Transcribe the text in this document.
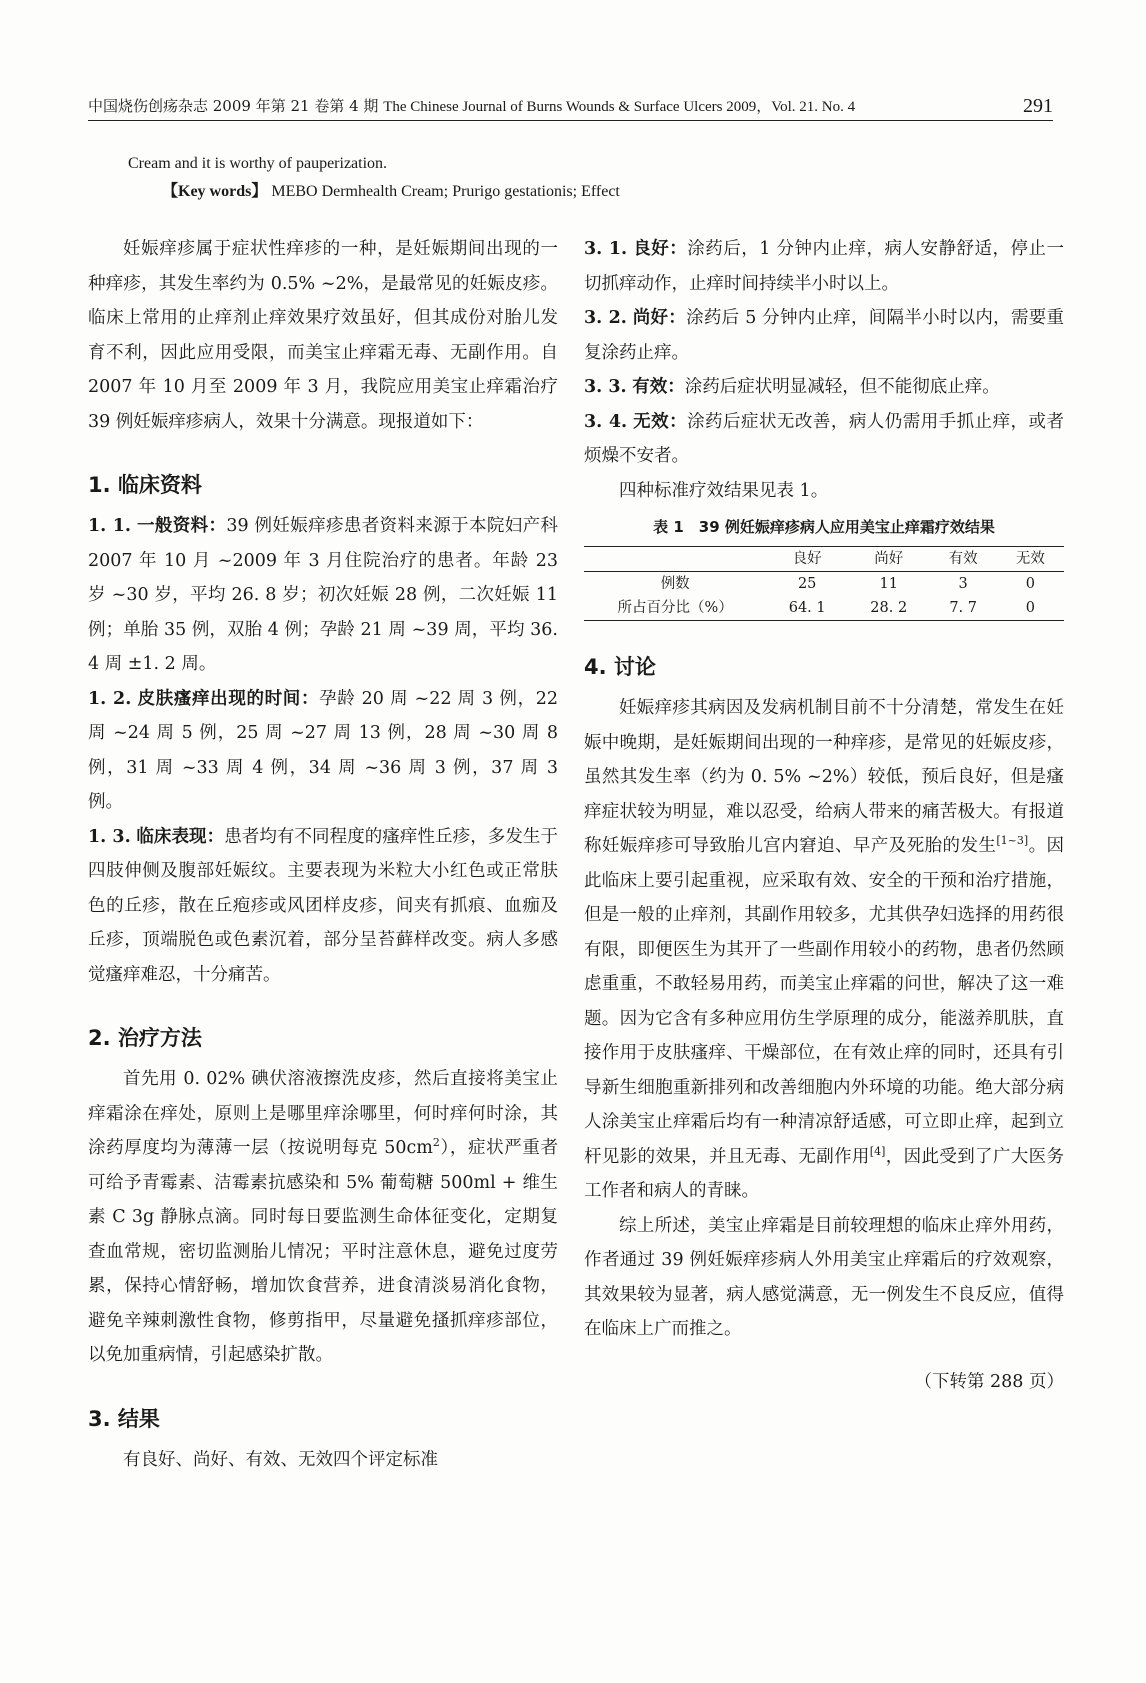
中国烧伤创疡杂志 2009 年第 21 卷第 4 期 The Chinese Journal of Burns Wounds & Surface Ulcers 2009，Vol. 21. No. 4	291
Cream and it is worthy of pauperization.
【Key words】 MEBO Dermhealth Cream; Prurigo gestationis; Effect

妊娠痒疹属于症状性痒疹的一种，是妊娠期间出现的一种痒疹，其发生率约为 0.5% ~2%，是最常见的妊娠皮疹。临床上常用的止痒剂止痒效果疗效虽好，但其成份对胎儿发育不利，因此应用受限，而美宝止痒霜无毒、无副作用。自 2007 年 10 月至 2009 年 3 月，我院应用美宝止痒霜治疗 39 例妊娠痒疹病人，效果十分满意。现报道如下：

1. 临床资料

1. 1. 一般资料：39 例妊娠痒疹患者资料来源于本院妇产科 2007 年 10 月 ~2009 年 3 月住院治疗的患者。年龄 23 岁 ~30 岁，平均 26. 8 岁；初次妊娠 28 例，二次妊娠 11 例；单胎 35 例，双胎 4 例；孕龄 21 周 ~39 周，平均 36. 4 周 ±1. 2 周。

1. 2. 皮肤瘙痒出现的时间：孕龄 20 周 ~22 周 3 例，22 周 ~24 周 5 例，25 周 ~27 周 13 例，28 周 ~30 周 8 例，31 周 ~33 周 4 例，34 周 ~36 周 3 例，37 周 3 例。

1. 3. 临床表现：患者均有不同程度的瘙痒性丘疹，多发生于四肢伸侧及腹部妊娠纹。主要表现为米粒大小红色或正常肤色的丘疹，散在丘疱疹或风团样皮疹，间夹有抓痕、血痂及丘疹，顶端脱色或色素沉着，部分呈苔藓样改变。病人多感觉瘙痒难忍，十分痛苦。

2. 治疗方法

首先用 0. 02% 碘伏溶液擦洗皮疹，然后直接将美宝止痒霜涂在痒处，原则上是哪里痒涂哪里，何时痒何时涂，其涂药厚度均为薄薄一层（按说明每克 $50cm^2$），症状严重者可给予青霉素、洁霉素抗感染和 5% 葡萄糖 500ml + 维生素 C 3g 静脉点滴。同时每日要监测生命体征变化，定期复查血常规，密切监测胎儿情况；平时注意休息，避免过度劳累，保持心情舒畅，增加饮食营养，进食清淡易消化食物，避免辛辣刺激性食物，修剪指甲，尽量避免搔抓痒疹部位，以免加重病情，引起感染扩散。

3. 结果

有良好、尚好、有效、无效四个评定标准

3. 1. 良好：涂药后，1 分钟内止痒，病人安静舒适，停止一切抓痒动作，止痒时间持续半小时以上。

3. 2. 尚好：涂药后 5 分钟内止痒，间隔半小时以内，需要重复涂药止痒。

3. 3. 有效：涂药后症状明显减轻，但不能彻底止痒。

3. 4. 无效：涂药后症状无改善，病人仍需用手抓止痒，或者烦燥不安者。

四种标准疗效结果见表 1。

表 1　39 例妊娠痒疹病人应用美宝止痒霜疗效结果
	良好	尚好	有效	无效
例数	25	11	3	0
所占百分比（%）	64. 1	28. 2	7. 7	0
4. 讨论

妊娠痒疹其病因及发病机制目前不十分清楚，常发生在妊娠中晚期，是妊娠期间出现的一种痒疹，是常见的妊娠皮疹，虽然其发生率（约为 0. 5% ~2%）较低，预后良好，但是瘙痒症状较为明显，难以忍受，给病人带来的痛苦极大。有报道称妊娠痒疹可导致胎儿宫内窘迫、早产及死胎的发生[1~3]。因此临床上要引起重视，应采取有效、安全的干预和治疗措施，但是一般的止痒剂，其副作用较多，尤其供孕妇选择的用药很有限，即便医生为其开了一些副作用较小的药物，患者仍然顾虑重重，不敢轻易用药，而美宝止痒霜的问世，解决了这一难题。因为它含有多种应用仿生学原理的成分，能滋养肌肤，直接作用于皮肤瘙痒、干燥部位，在有效止痒的同时，还具有引导新生细胞重新排列和改善细胞内外环境的功能。绝大部分病人涂美宝止痒霜后均有一种清凉舒适感，可立即止痒，起到立杆见影的效果，并且无毒、无副作用[4]，因此受到了广大医务工作者和病人的青睐。

综上所述，美宝止痒霜是目前较理想的临床止痒外用药，作者通过 39 例妊娠痒疹病人外用美宝止痒霜后的疗效观察，其效果较为显著，病人感觉满意，无一例发生不良反应，值得在临床上广而推之。

（下转第 288 页）
